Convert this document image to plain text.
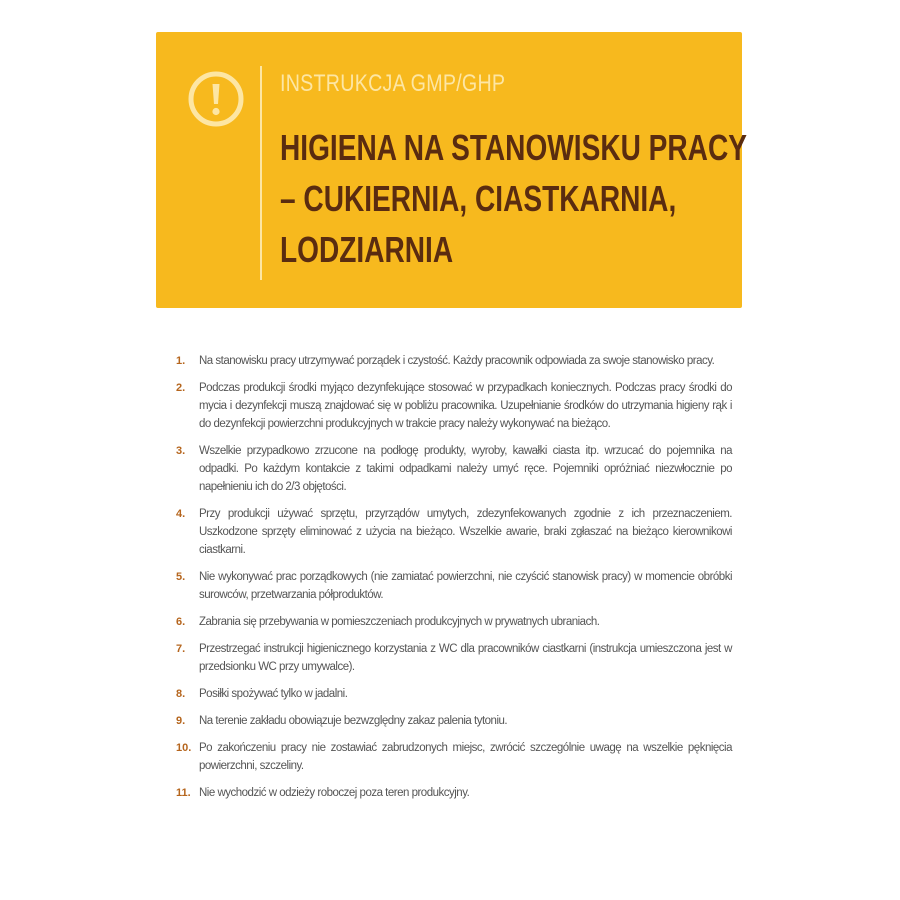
INSTRUKCJA GMP/GHP
HIGIENA NA STANOWISKU PRACY
– CUKIERNIA, CIASTKARNIA,
LODZIARNIA
1.	Na stanowisku pracy utrzymywać porządek i czystość. Każdy pracownik odpowiada za swoje stanowisko pracy.
2.	Podczas produkcji środki myjąco dezynfekujące stosować w przypadkach koniecznych. Podczas pracy środki do mycia i dezynfekcji muszą znajdować się w pobliżu pracownika. Uzupełnianie środków do utrzymania higieny rąk i do dezynfekcji powierzchni produkcyjnych w trakcie pracy należy wykonywać na bieżąco.
3.	Wszelkie przypadkowo zrzucone na podłogę produkty, wyroby, kawałki ciasta itp. wrzucać do pojemnika na odpadki. Po każdym kontakcie z takimi odpadkami należy umyć ręce. Pojemniki opróżniać niezwłocznie po napełnieniu ich do 2/3 objętości.
4.	Przy produkcji używać sprzętu, przyrządów umytych, zdezynfekowanych zgodnie z ich przeznaczeniem. Uszkodzone sprzęty eliminować z użycia na bieżąco. Wszelkie awarie, braki zgłaszać na bieżąco kierownikowi ciastkarni.
5.	Nie wykonywać prac porządkowych (nie zamiatać powierzchni, nie czyścić stanowisk pracy) w momencie obróbki surowców, przetwarzania półproduktów.
6.	Zabrania się przebywania w pomieszczeniach produkcyjnych w prywatnych ubraniach.
7.	Przestrzegać instrukcji higienicznego korzystania z WC dla pracowników ciastkarni (instrukcja umieszczona jest w przedsionku WC przy umywalce).
8.	Posiłki spożywać tylko w jadalni.
9.	Na terenie zakładu obowiązuje bezwzględny zakaz palenia tytoniu.
10. Po zakończeniu pracy nie zostawiać zabrudzonych miejsc, zwrócić szczególnie uwagę na wszelkie pęknięcia powierzchni, szczeliny.
11. Nie wychodzić w odzieży roboczej poza teren produkcyjny.
